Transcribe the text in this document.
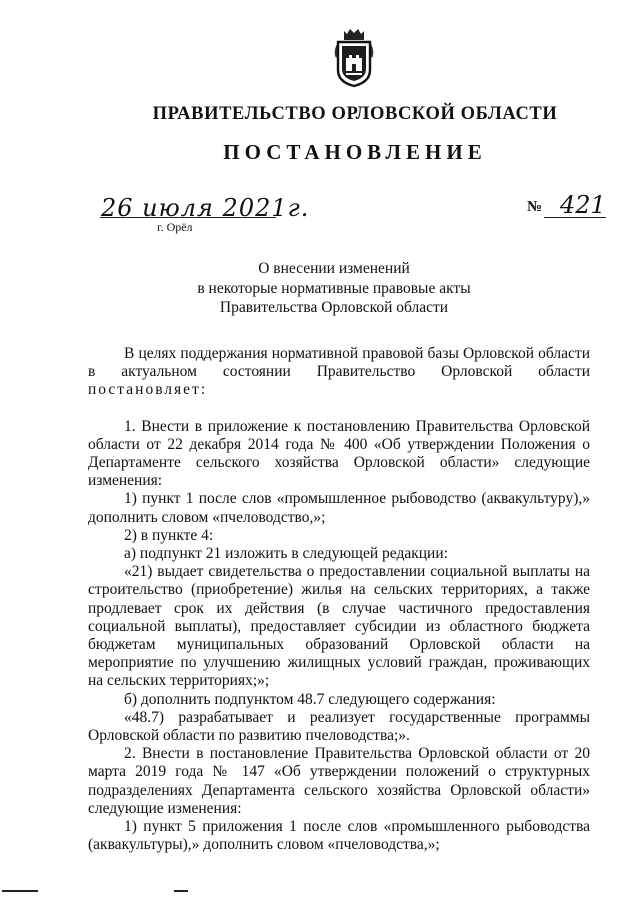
ПРАВИТЕЛЬСТВО ОРЛОВСКОЙ ОБЛАСТИ
ПОСТАНОВЛЕНИЕ
26 июля 2021г.
г. Орёл
№ 421
О внесении изменений
в некоторые нормативные правовые акты
Правительства Орловской области

В целях поддержания нормативной правовой базы Орловской области в актуальном состоянии Правительство Орловской области постановляет:

1. Внести в приложение к постановлению Правительства Орловской области от 22 декабря 2014 года № 400 «Об утверждении Положения о Департаменте сельского хозяйства Орловской области» следующие изменения:

1) пункт 1 после слов «промышленное рыбоводство (аквакультуру),» дополнить словом «пчеловодство,»;

2) в пункте 4:

а) подпункт 21 изложить в следующей редакции:

«21) выдает свидетельства о предоставлении социальной выплаты на строительство (приобретение) жилья на сельских территориях, а также продлевает срок их действия (в случае частичного предоставления социальной выплаты), предоставляет субсидии из областного бюджета бюджетам муниципальных образований Орловской области на мероприятие по улучшению жилищных условий граждан, проживающих на сельских территориях;»;

б) дополнить подпунктом 48.7 следующего содержания:

«48.7) разрабатывает и реализует государственные программы Орловской области по развитию пчеловодства;».

2. Внести в постановление Правительства Орловской области от 20 марта 2019 года № 147 «Об утверждении положений о структурных подразделениях Департамента сельского хозяйства Орловской области» следующие изменения:

1) пункт 5 приложения 1 после слов «промышленного рыбоводства (аквакультуры),» дополнить словом «пчеловодства,»;
